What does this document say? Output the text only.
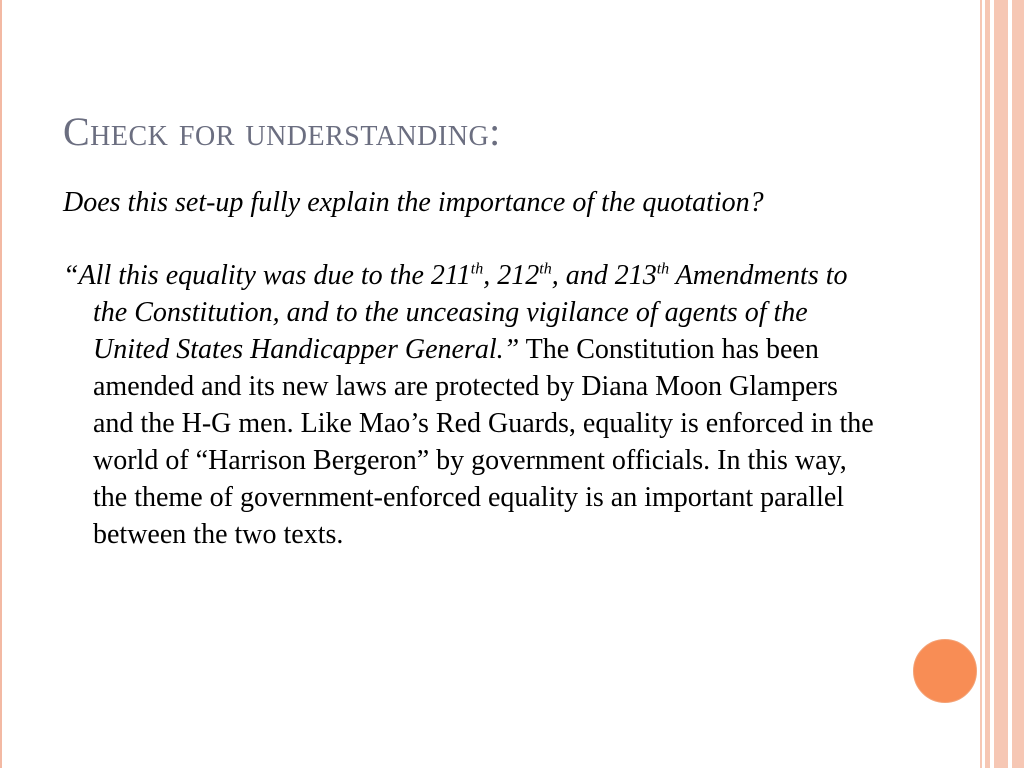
Check for understanding:

Does this set-up fully explain the importance of the quotation?

“All this equality was due to the 211th, 212th, and 213th Amendments to the Constitution, and to the unceasing vigilance of agents of the United States Handicapper General.” The Constitution has been amended and its new laws are protected by Diana Moon Glampers and the H-G men. Like Mao’s Red Guards, equality is enforced in the world of “Harrison Bergeron” by government officials. In this way, the theme of government-enforced equality is an important parallel between the two texts.
